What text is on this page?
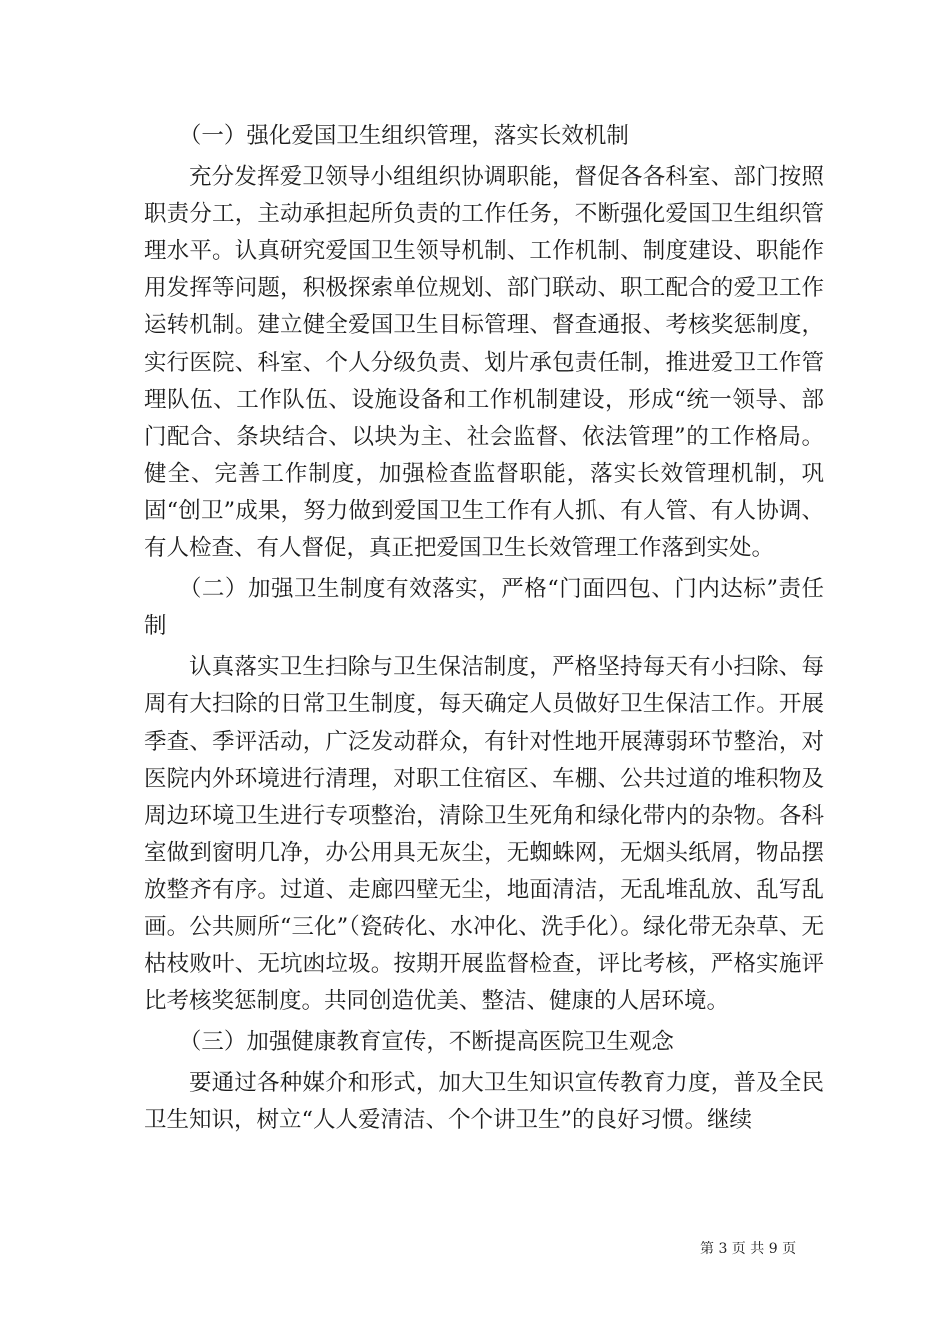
（一）强化爱国卫生组织管理，落实长效机制

充分发挥爱卫领导小组组织协调职能，督促各各科室、部门按照职责分工，主动承担起所负责的工作任务，不断强化爱国卫生组织管理水平。认真研究爱国卫生领导机制、工作机制、制度建设、职能作用发挥等问题，积极探索单位规划、部门联动、职工配合的爱卫工作运转机制。建立健全爱国卫生目标管理、督查通报、考核奖惩制度，实行医院、科室、个人分级负责、划片承包责任制，推进爱卫工作管理队伍、工作队伍、设施设备和工作机制建设，形成“统一领导、部门配合、条块结合、以块为主、社会监督、依法管理”的工作格局。健全、完善工作制度，加强检查监督职能，落实长效管理机制，巩固“创卫”成果，努力做到爱国卫生工作有人抓、有人管、有人协调、有人检查、有人督促，真正把爱国卫生长效管理工作落到实处。

（二）加强卫生制度有效落实，严格“门面四包、门内达标”责任制

认真落实卫生扫除与卫生保洁制度，严格坚持每天有小扫除、每周有大扫除的日常卫生制度，每天确定人员做好卫生保洁工作。开展季查、季评活动，广泛发动群众，有针对性地开展薄弱环节整治，对医院内外环境进行清理，对职工住宿区、车棚、公共过道的堆积物及周边环境卫生进行专项整治，清除卫生死角和绿化带内的杂物。各科室做到窗明几净，办公用具无灰尘，无蜘蛛网，无烟头纸屑，物品摆放整齐有序。过道、走廊四壁无尘，地面清洁，无乱堆乱放、乱写乱画。公共厕所“三化”（瓷砖化、水冲化、洗手化）。绿化带无杂草、无枯枝败叶、无坑凼垃圾。按期开展监督检查，评比考核，严格实施评比考核奖惩制度。共同创造优美、整洁、健康的人居环境。

（三）加强健康教育宣传，不断提高医院卫生观念

要通过各种媒介和形式，加大卫生知识宣传教育力度，普及全民卫生知识，树立“人人爱清洁、个个讲卫生”的良好习惯。继续

第 3 页 共 9 页
